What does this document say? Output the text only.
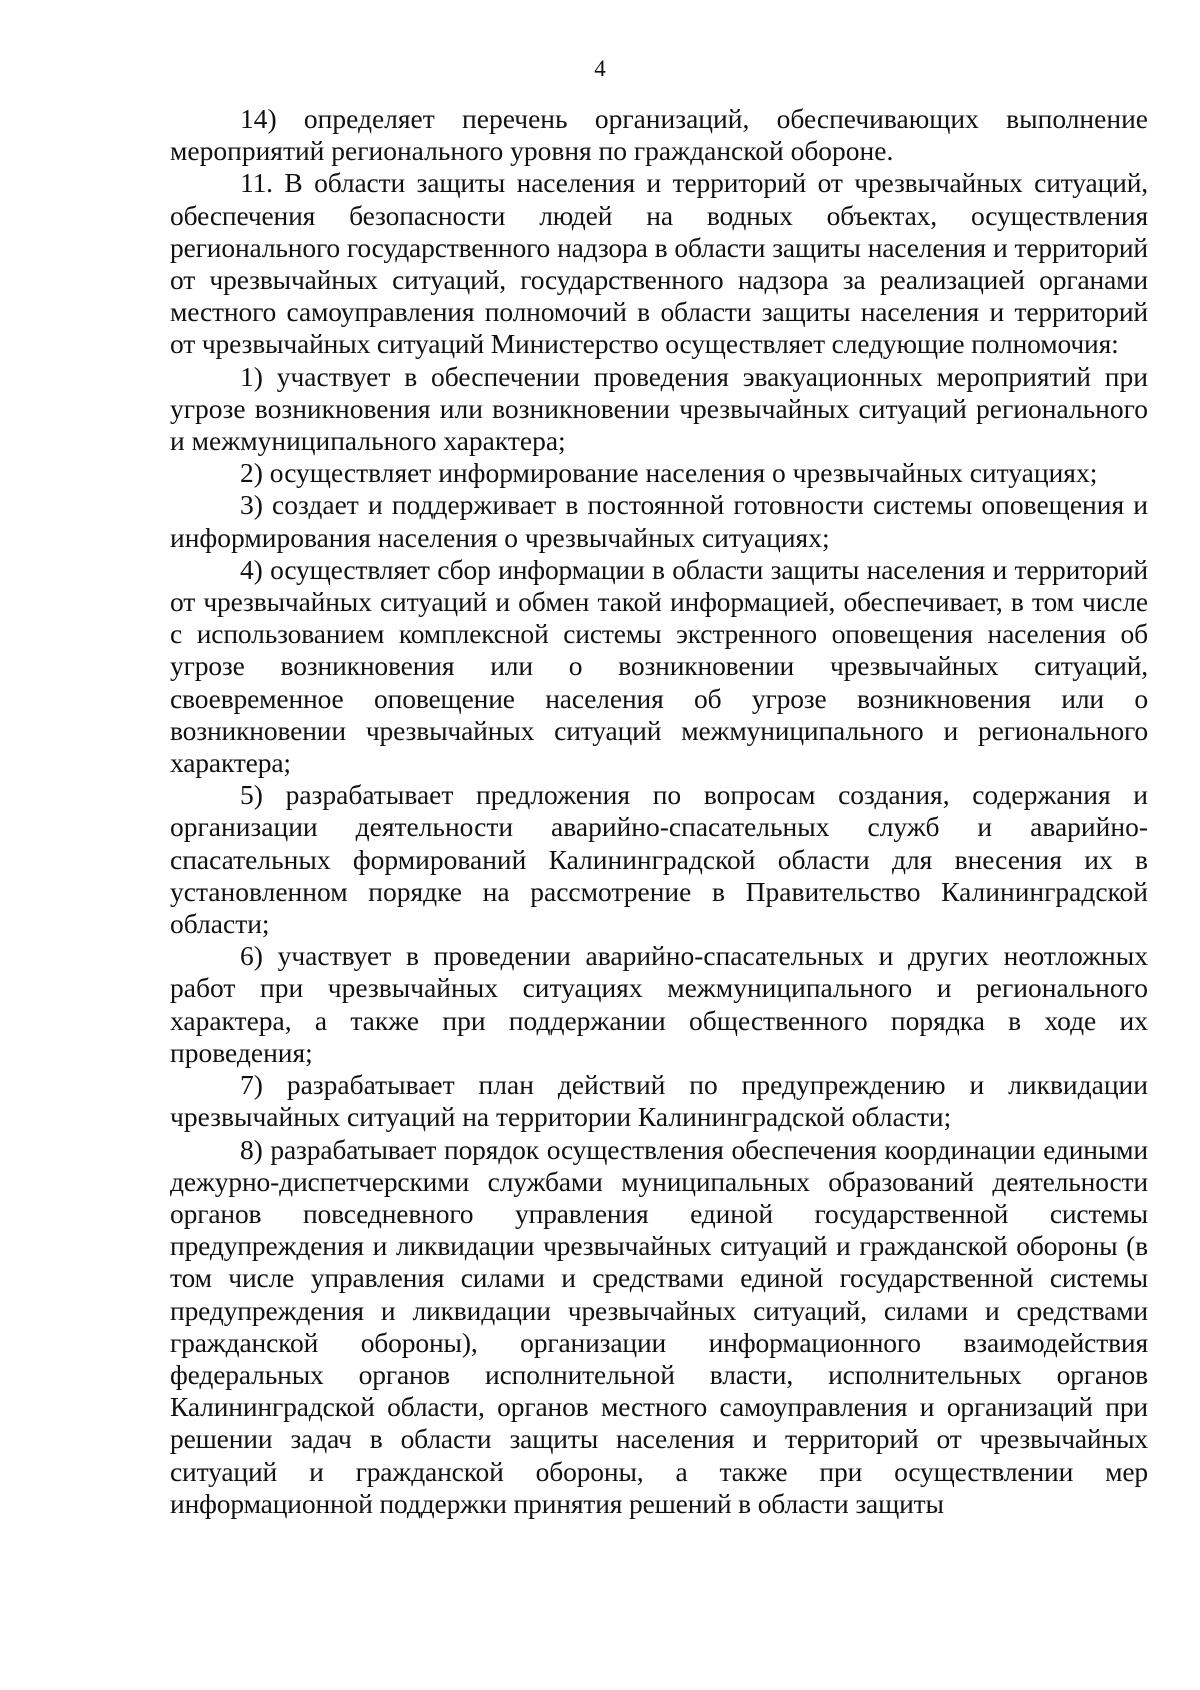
4

14) определяет перечень организаций, обеспечивающих выполнение мероприятий регионального уровня по гражданской обороне.

11. В области защиты населения и территорий от чрезвычайных ситуаций, обеспечения безопасности людей на водных объектах, осуществления регионального государственного надзора в области защиты населения и территорий от чрезвычайных ситуаций, государственного надзора за реализацией органами местного самоуправления полномочий в области защиты населения и территорий от чрезвычайных ситуаций Министерство осуществляет следующие полномочия:

1) участвует в обеспечении проведения эвакуационных мероприятий при угрозе возникновения или возникновении чрезвычайных ситуаций регионального и межмуниципального характера;

2) осуществляет информирование населения о чрезвычайных ситуациях;

3) создает и поддерживает в постоянной готовности системы оповещения и информирования населения о чрезвычайных ситуациях;

4) осуществляет сбор информации в области защиты населения и территорий от чрезвычайных ситуаций и обмен такой информацией, обеспечивает, в том числе с использованием комплексной системы экстренного оповещения населения об угрозе возникновения или о возникновении чрезвычайных ситуаций, своевременное оповещение населения об угрозе возникновения или о возникновении чрезвычайных ситуаций межмуниципального и регионального характера;

5) разрабатывает предложения по вопросам создания, содержания и организации деятельности аварийно-спасательных служб и аварийно-спасательных формирований Калининградской области для внесения их в установленном порядке на рассмотрение в Правительство Калининградской области;

6) участвует в проведении аварийно-спасательных и других неотложных работ при чрезвычайных ситуациях межмуниципального и регионального характера, а также при поддержании общественного порядка в ходе их проведения;

7) разрабатывает план действий по предупреждению и ликвидации чрезвычайных ситуаций на территории Калининградской области;

8) разрабатывает порядок осуществления обеспечения координации едиными дежурно-диспетчерскими службами муниципальных образований деятельности органов повседневного управления единой государственной системы предупреждения и ликвидации чрезвычайных ситуаций и гражданской обороны (в том числе управления силами и средствами единой государственной системы предупреждения и ликвидации чрезвычайных ситуаций, силами и средствами гражданской обороны), организации информационного взаимодействия федеральных органов исполнительной власти, исполнительных органов Калининградской области, органов местного самоуправления и организаций при решении задач в области защиты населения и территорий от чрезвычайных ситуаций и гражданской обороны, а также при осуществлении мер информационной поддержки принятия решений в области защиты
